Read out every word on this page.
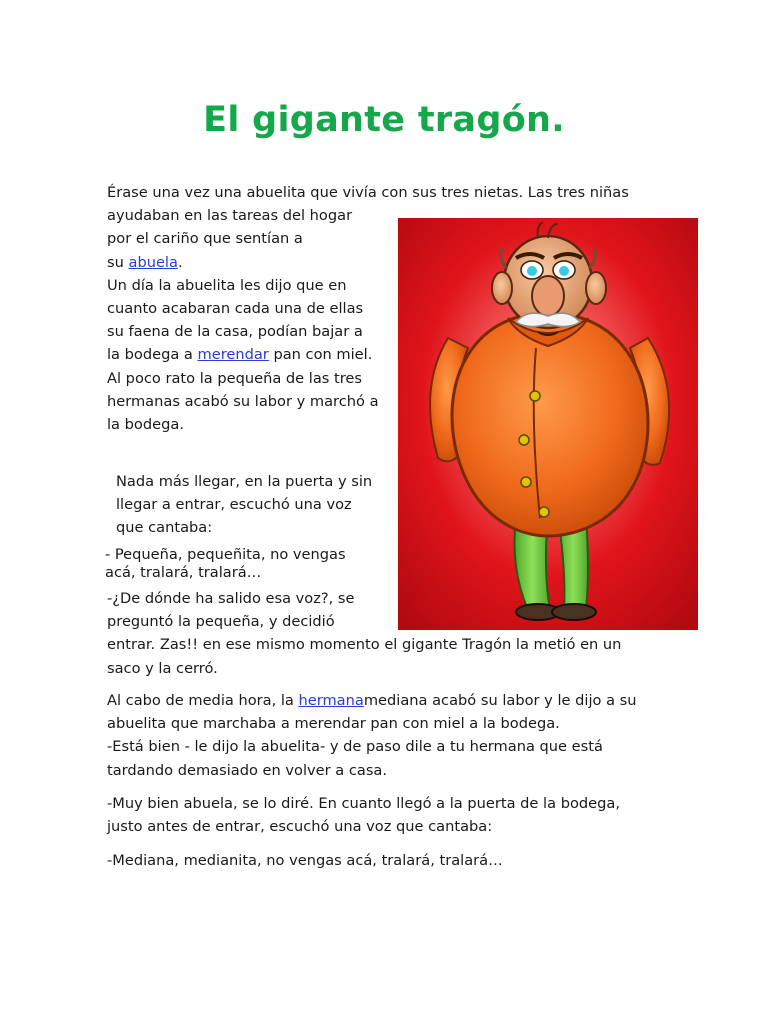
El gigante tragón.
Érase una vez una abuelita que vivía con sus tres nietas. Las tres niñas
ayudaban en las tareas del hogar
por el cariño que sentían a
su abuela.
Un día la abuelita les dijo que en
cuanto acabaran cada una de ellas
su faena de la casa, podían bajar a
la bodega a merendar pan con miel.
Al poco rato la pequeña de las tres
hermanas acabó su labor y marchó a
la bodega.
Nada más llegar, en la puerta y sin
llegar a entrar, escuchó una voz
que cantaba:
- Pequeña, pequeñita, no vengas
acá, tralará, tralará…
-¿De dónde ha salido esa voz?, se
preguntó la pequeña, y decidió
entrar. Zas!! en ese mismo momento el gigante Tragón la metió en un
saco y la cerró.
Al cabo de media hora, la hermanamediana acabó su labor y le dijo a su
abuelita que marchaba a merendar pan con miel a la bodega.
-Está bien - le dijo la abuelita- y de paso dile a tu hermana que está
tardando demasiado en volver a casa.
-Muy bien abuela, se lo diré. En cuanto llegó a la puerta de la bodega,
justo antes de entrar, escuchó una voz que cantaba:
-Mediana, medianita, no vengas acá, tralará, tralará…
